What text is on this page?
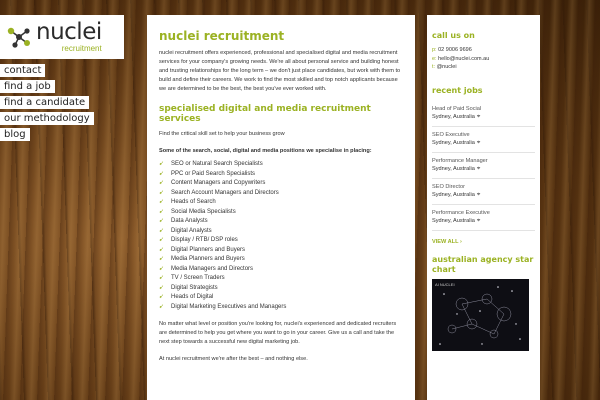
nuclei
recruitment
contact
find a job
find a candidate
our methodology
blog
nuclei recruitment

nuclei recruitment offers experienced, professional and specialised digital and media recruitment services for your company's growing needs. We're all about personal service and building honest and trusting relationships for the long term – we don't just place candidates, but work with them to build and define their careers. We work to find the most skilled and top notch applicants because we are determined to be the best, the best you've ever worked with.

specialised digital and media recruitment services

Find the critical skill set to help your business grow

Some of the search, social, digital and media positions we specialise in placing:

➹	SEO or Natural Search Specialists
➹	PPC or Paid Search Specialists
➹	Content Managers and Copywriters
➹	Search Account Managers and Directors
➹	Heads of Search
➹	Social Media Specialists
➹	Data Analysts
➹	Digital Analysts
➹	Display / RTB/ DSP roles
➹	Digital Planners and Buyers
➹	Media Planners and Buyers
➹	Media Managers and Directors
➹	TV / Screen Traders
➹	Digital Strategists
➹	Heads of Digital
➹	Digital Marketing Executives and Managers

No matter what level or position you're looking for, nuclei's experienced and dedicated recruiters are determined to help you get where you want to go in your career. Give us a call and take the next step towards a successful new digital marketing job.

At nuclei recruitment we're after the best – and nothing else.

call us on

p: 02 9006 9696

e: hello@nuclei.com.au

t: @nuclei

recent jobs
Head of Paid Social
Sydney, Australia ⌖
SEO Executive
Sydney, Australia ⌖
Performance Manager
Sydney, Australia ⌖
SEO Director
Sydney, Australia ⌖
Performance Executive
Sydney, Australia ⌖
VIEW ALL ›
australian agency star chart
AI NUCLEI
